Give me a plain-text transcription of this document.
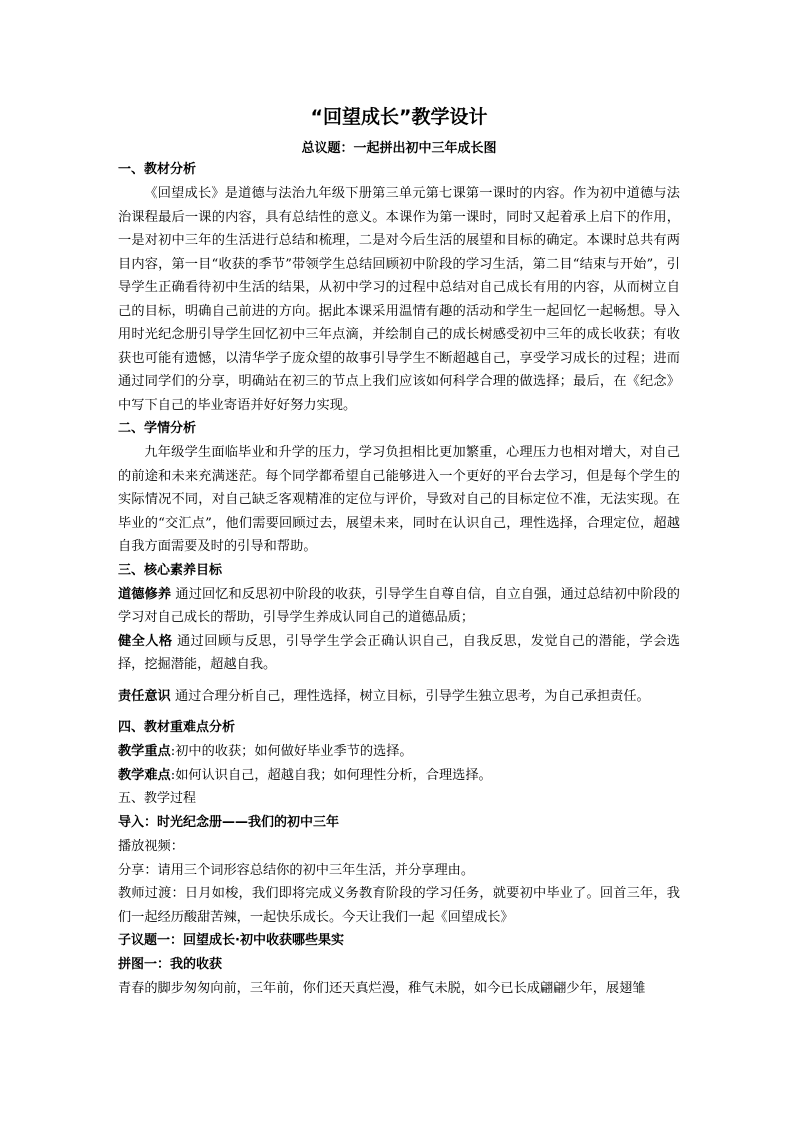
“回望成长”教学设计
总议题：一起拼出初中三年成长图
一、教材分析

《回望成长》是道德与法治九年级下册第三单元第七课第一课时的内容。作为初中道德与法治课程最后一课的内容，具有总结性的意义。本课作为第一课时，同时又起着承上启下的作用，一是对初中三年的生活进行总结和梳理，二是对今后生活的展望和目标的确定。本课时总共有两目内容，第一目“收获的季节”带领学生总结回顾初中阶段的学习生活，第二目“结束与开始”，引导学生正确看待初中生活的结果，从初中学习的过程中总结对自己成长有用的内容，从而树立自己的目标，明确自己前进的方向。据此本课采用温情有趣的活动和学生一起回忆一起畅想。导入用时光纪念册引导学生回忆初中三年点滴，并绘制自己的成长树感受初中三年的成长收获；有收获也可能有遗憾，以清华学子庞众望的故事引导学生不断超越自己，享受学习成长的过程；进而通过同学们的分享，明确站在初三的节点上我们应该如何科学合理的做选择；最后，在《纪念》中写下自己的毕业寄语并好好努力实现。

二、学情分析

九年级学生面临毕业和升学的压力，学习负担相比更加繁重，心理压力也相对增大，对自己的前途和未来充满迷茫。每个同学都希望自己能够进入一个更好的平台去学习，但是每个学生的实际情况不同，对自己缺乏客观精准的定位与评价，导致对自己的目标定位不准，无法实现。在毕业的“交汇点”，他们需要回顾过去，展望未来，同时在认识自己，理性选择，合理定位，超越自我方面需要及时的引导和帮助。

三、核心素养目标

道德修养 通过回忆和反思初中阶段的收获，引导学生自尊自信，自立自强，通过总结初中阶段的学习对自己成长的帮助，引导学生养成认同自己的道德品质；

健全人格 通过回顾与反思，引导学生学会正确认识自己，自我反思，发觉自己的潜能，学会选择，挖掘潜能，超越自我。

责任意识 通过合理分析自己，理性选择，树立目标，引导学生独立思考，为自己承担责任。

四、教材重难点分析

教学重点:初中的收获；如何做好毕业季节的选择。

教学难点:如何认识自己，超越自我；如何理性分析，合理选择。

五、教学过程
导入：时光纪念册——我们的初中三年

播放视频：

分享：请用三个词形容总结你的初中三年生活，并分享理由。

教师过渡：日月如梭，我们即将完成义务教育阶段的学习任务，就要初中毕业了。回首三年，我们一起经历酸甜苦辣，一起快乐成长。今天让我们一起《回望成长》

子议题一：回望成长·初中收获哪些果实
拼图一：我的收获

青春的脚步匆匆向前，三年前，你们还天真烂漫，稚气未脱，如今已长成翩翩少年，展翅雏
